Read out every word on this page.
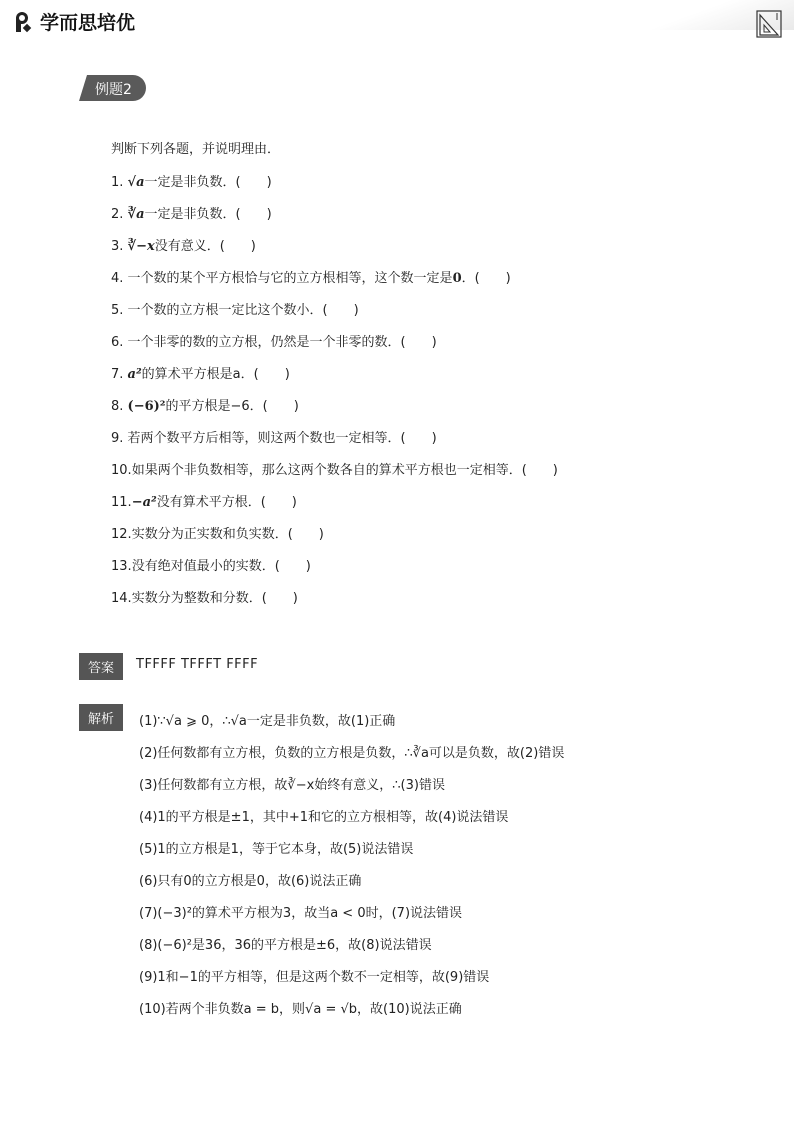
学而思培优
例题2
判断下列各题，并说明理由．
1. √a一定是非负数．(　　)
2. ∛a一定是非负数．(　　)
3. ∛−x没有意义．(　　)
4. 一个数的某个平方根恰与它的立方根相等，这个数一定是0．(　　)
5. 一个数的立方根一定比这个数小．(　　)
6. 一个非零的数的立方根，仍然是一个非零的数．(　　)
7. a²的算术平方根是a．(　　)
8. (−6)²的平方根是−6．(　　)
9. 若两个数平方后相等，则这两个数也一定相等．(　　)
10.如果两个非负数相等，那么这两个数各自的算术平方根也一定相等．(　　)
11.−a²没有算术平方根．(　　)
12.实数分为正实数和负实数．(　　)
13.没有绝对值最小的实数．(　　)
14.实数分为整数和分数．(　　)
答案	TFFFF TFFFT FFFF
解析	(1)∵√a ⩾ 0，∴√a一定是非负数，故(1)正确
(2)任何数都有立方根，负数的立方根是负数，∴∛a可以是负数，故(2)错误
(3)任何数都有立方根，故∛−x始终有意义，∴(3)错误
(4)1的平方根是±1，其中+1和它的立方根相等，故(4)说法错误
(5)1的立方根是1，等于它本身，故(5)说法错误
(6)只有0的立方根是0，故(6)说法正确
(7)(−3)²的算术平方根为3，故当a < 0时，(7)说法错误
(8)(−6)²是36，36的平方根是±6，故(8)说法错误
(9)1和−1的平方相等，但是这两个数不一定相等，故(9)错误
(10)若两个非负数a = b，则√a = √b，故(10)说法正确
